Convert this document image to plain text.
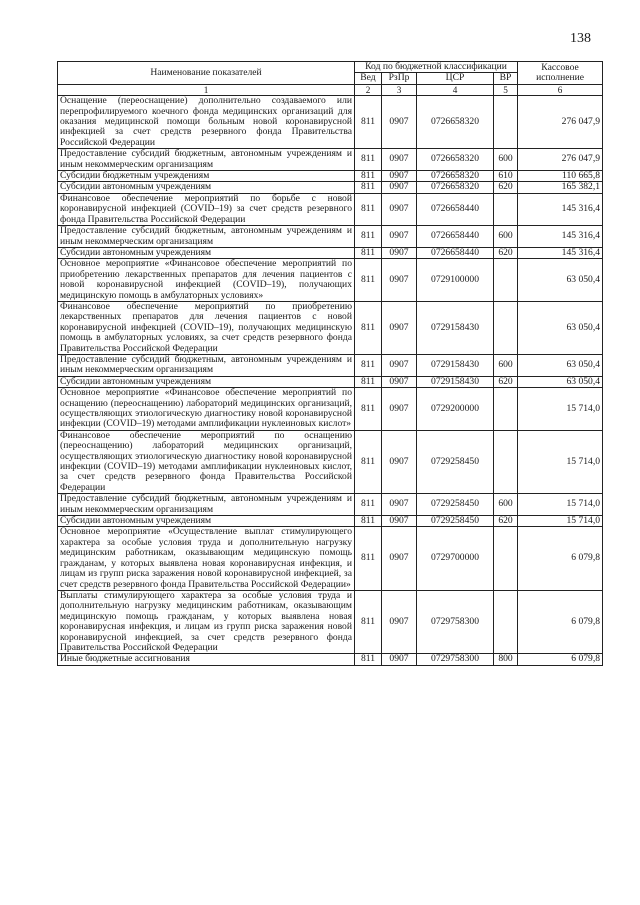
138
Наименование показателей	Код по бюджетной классификации				Кассовое исполнение
	Вед	РзПр	ЦСР	ВР	
1	2	3	4	5	6
Оснащение (переоснащение) дополнительно создаваемого или перепрофилируемого коечного фонда медицинских организаций для оказания медицинской помощи больным новой коронавирусной инфекцией за счет средств резервного фонда Правительства Российской Федерации	811	0907	0726658320		276 047,9
Предоставление субсидий бюджетным, автономным учреждениям и иным некоммерческим организациям	811	0907	0726658320	600	276 047,9
Субсидии бюджетным учреждениям	811	0907	0726658320	610	110 665,8
Субсидии автономным учреждениям	811	0907	0726658320	620	165 382,1
Финансовое обеспечение мероприятий по борьбе с новой коронавирусной инфекцией (COVID–19) за счет средств резервного фонда Правительства Российской Федерации	811	0907	0726658440		145 316,4
Предоставление субсидий бюджетным, автономным учреждениям и иным некоммерческим организациям	811	0907	0726658440	600	145 316,4
Субсидии автономным учреждениям	811	0907	0726658440	620	145 316,4
Основное мероприятие «Финансовое обеспечение мероприятий по приобретению лекарственных препаратов для лечения пациентов с новой коронавирусной инфекцией (COVID–19), получающих медицинскую помощь в амбулаторных условиях»	811	0907	0729100000		63 050,4
Финансовое обеспечение мероприятий по приобретению лекарственных препаратов для лечения пациентов с новой коронавирусной инфекцией (COVID–19), получающих медицинскую помощь в амбулаторных условиях, за счет средств резервного фонда Правительства Российской Федерации	811	0907	0729158430		63 050,4
Предоставление субсидий бюджетным, автономным учреждениям и иным некоммерческим организациям	811	0907	0729158430	600	63 050,4
Субсидии автономным учреждениям	811	0907	0729158430	620	63 050,4
Основное мероприятие «Финансовое обеспечение мероприятий по оснащению (переоснащению) лабораторий медицинских организаций, осуществляющих этиологическую диагностику новой коронавирусной инфекции (COVID–19) методами амплификации нуклеиновых кислот»	811	0907	0729200000		15 714,0
Финансовое обеспечение мероприятий по оснащению (переоснащению) лабораторий медицинских организаций, осуществляющих этиологическую диагностику новой коронавирусной инфекции (COVID–19) методами амплификации нуклеиновых кислот, за счет средств резервного фонда Правительства Российской Федерации	811	0907	0729258450		15 714,0
Предоставление субсидий бюджетным, автономным учреждениям и иным некоммерческим организациям	811	0907	0729258450	600	15 714,0
Субсидии автономным учреждениям	811	0907	0729258450	620	15 714,0
Основное мероприятие «Осуществление выплат стимулирующего характера за особые условия труда и дополнительную нагрузку медицинским работникам, оказывающим медицинскую помощь гражданам, у которых выявлена новая коронавирусная инфекция, и лицам из групп риска заражения новой коронавирусной инфекцией, за счет средств резервного фонда Правительства Российской Федерации»	811	0907	0729700000		6 079,8
Выплаты стимулирующего характера за особые условия труда и дополнительную нагрузку медицинским работникам, оказывающим медицинскую помощь гражданам, у которых выявлена новая коронавирусная инфекция, и лицам из групп риска заражения новой коронавирусной инфекцией, за счет средств резервного фонда Правительства Российской Федерации	811	0907	0729758300		6 079,8
Иные бюджетные ассигнования	811	0907	0729758300	800	6 079,8
